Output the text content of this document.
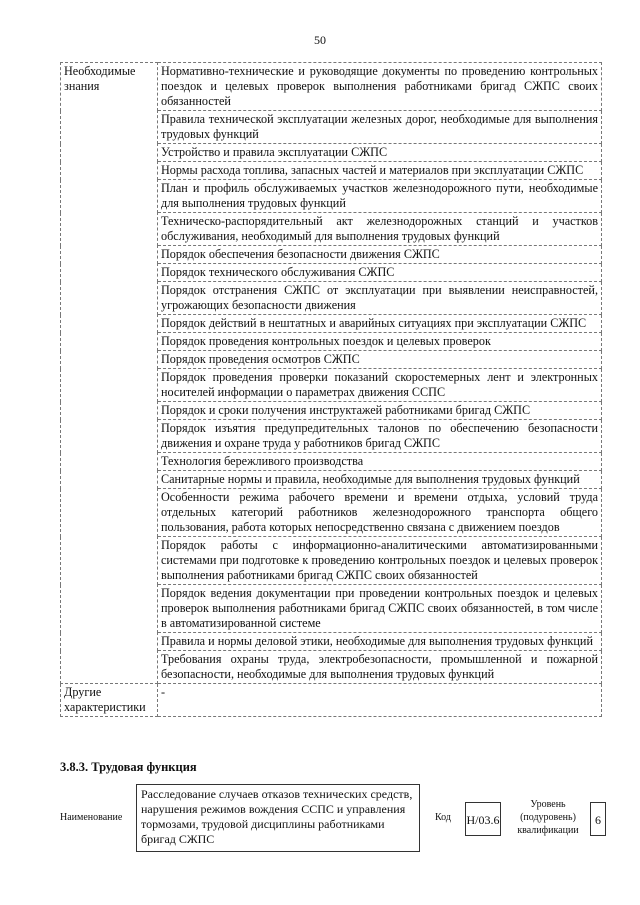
50
Необходимые знания	Нормативно-технические и руководящие документы по проведению контрольных поездок и целевых проверок выполнения работниками бригад СЖПС своих обязанностей
	Правила технической эксплуатации железных дорог, необходимые для выполнения трудовых функций
	Устройство и правила эксплуатации СЖПС
	Нормы расхода топлива, запасных частей и материалов при эксплуатации СЖПС
	План и профиль обслуживаемых участков железнодорожного пути, необходимые для выполнения трудовых функций
	Техническо-распорядительный акт железнодорожных станций и участков обслуживания, необходимый для выполнения трудовых функций
	Порядок обеспечения безопасности движения СЖПС
	Порядок технического обслуживания СЖПС
	Порядок отстранения СЖПС от эксплуатации при выявлении неисправностей, угрожающих безопасности движения
	Порядок действий в нештатных и аварийных ситуациях при эксплуатации СЖПС
	Порядок проведения контрольных поездок и целевых проверок
	Порядок проведения осмотров СЖПС
	Порядок проведения проверки показаний скоростемерных лент и электронных носителей информации о параметрах движения ССПС
	Порядок и сроки получения инструктажей работниками бригад СЖПС
	Порядок изъятия предупредительных талонов по обеспечению безопасности движения и охране труда у работников бригад СЖПС
	Технология бережливого производства
	Санитарные нормы и правила, необходимые для выполнения трудовых функций
	Особенности режима рабочего времени и времени отдыха, условий труда отдельных категорий работников железнодорожного транспорта общего пользования, работа которых непосредственно связана с движением поездов
	Порядок работы с информационно-аналитическими автоматизированными системами при подготовке к проведению контрольных поездок и целевых проверок выполнения работниками бригад СЖПС своих обязанностей
	Порядок ведения документации при проведении контрольных поездок и целевых проверок выполнения работниками бригад СЖПС своих обязанностей, в том числе в автоматизированной системе
	Правила и нормы деловой этики, необходимые для выполнения трудовых функций
	Требования охраны труда, электробезопасности, промышленной и пожарной безопасности, необходимые для выполнения трудовых функций
Другие характеристики	-
3.8.3. Трудовая функция
Наименование
Расследование случаев отказов технических средств, нарушения режимов вождения ССПС и управления тормозами, трудовой дисциплины работниками бригад СЖПС
Код Н/03.6
Уровень (подуровень) квалификации
6
